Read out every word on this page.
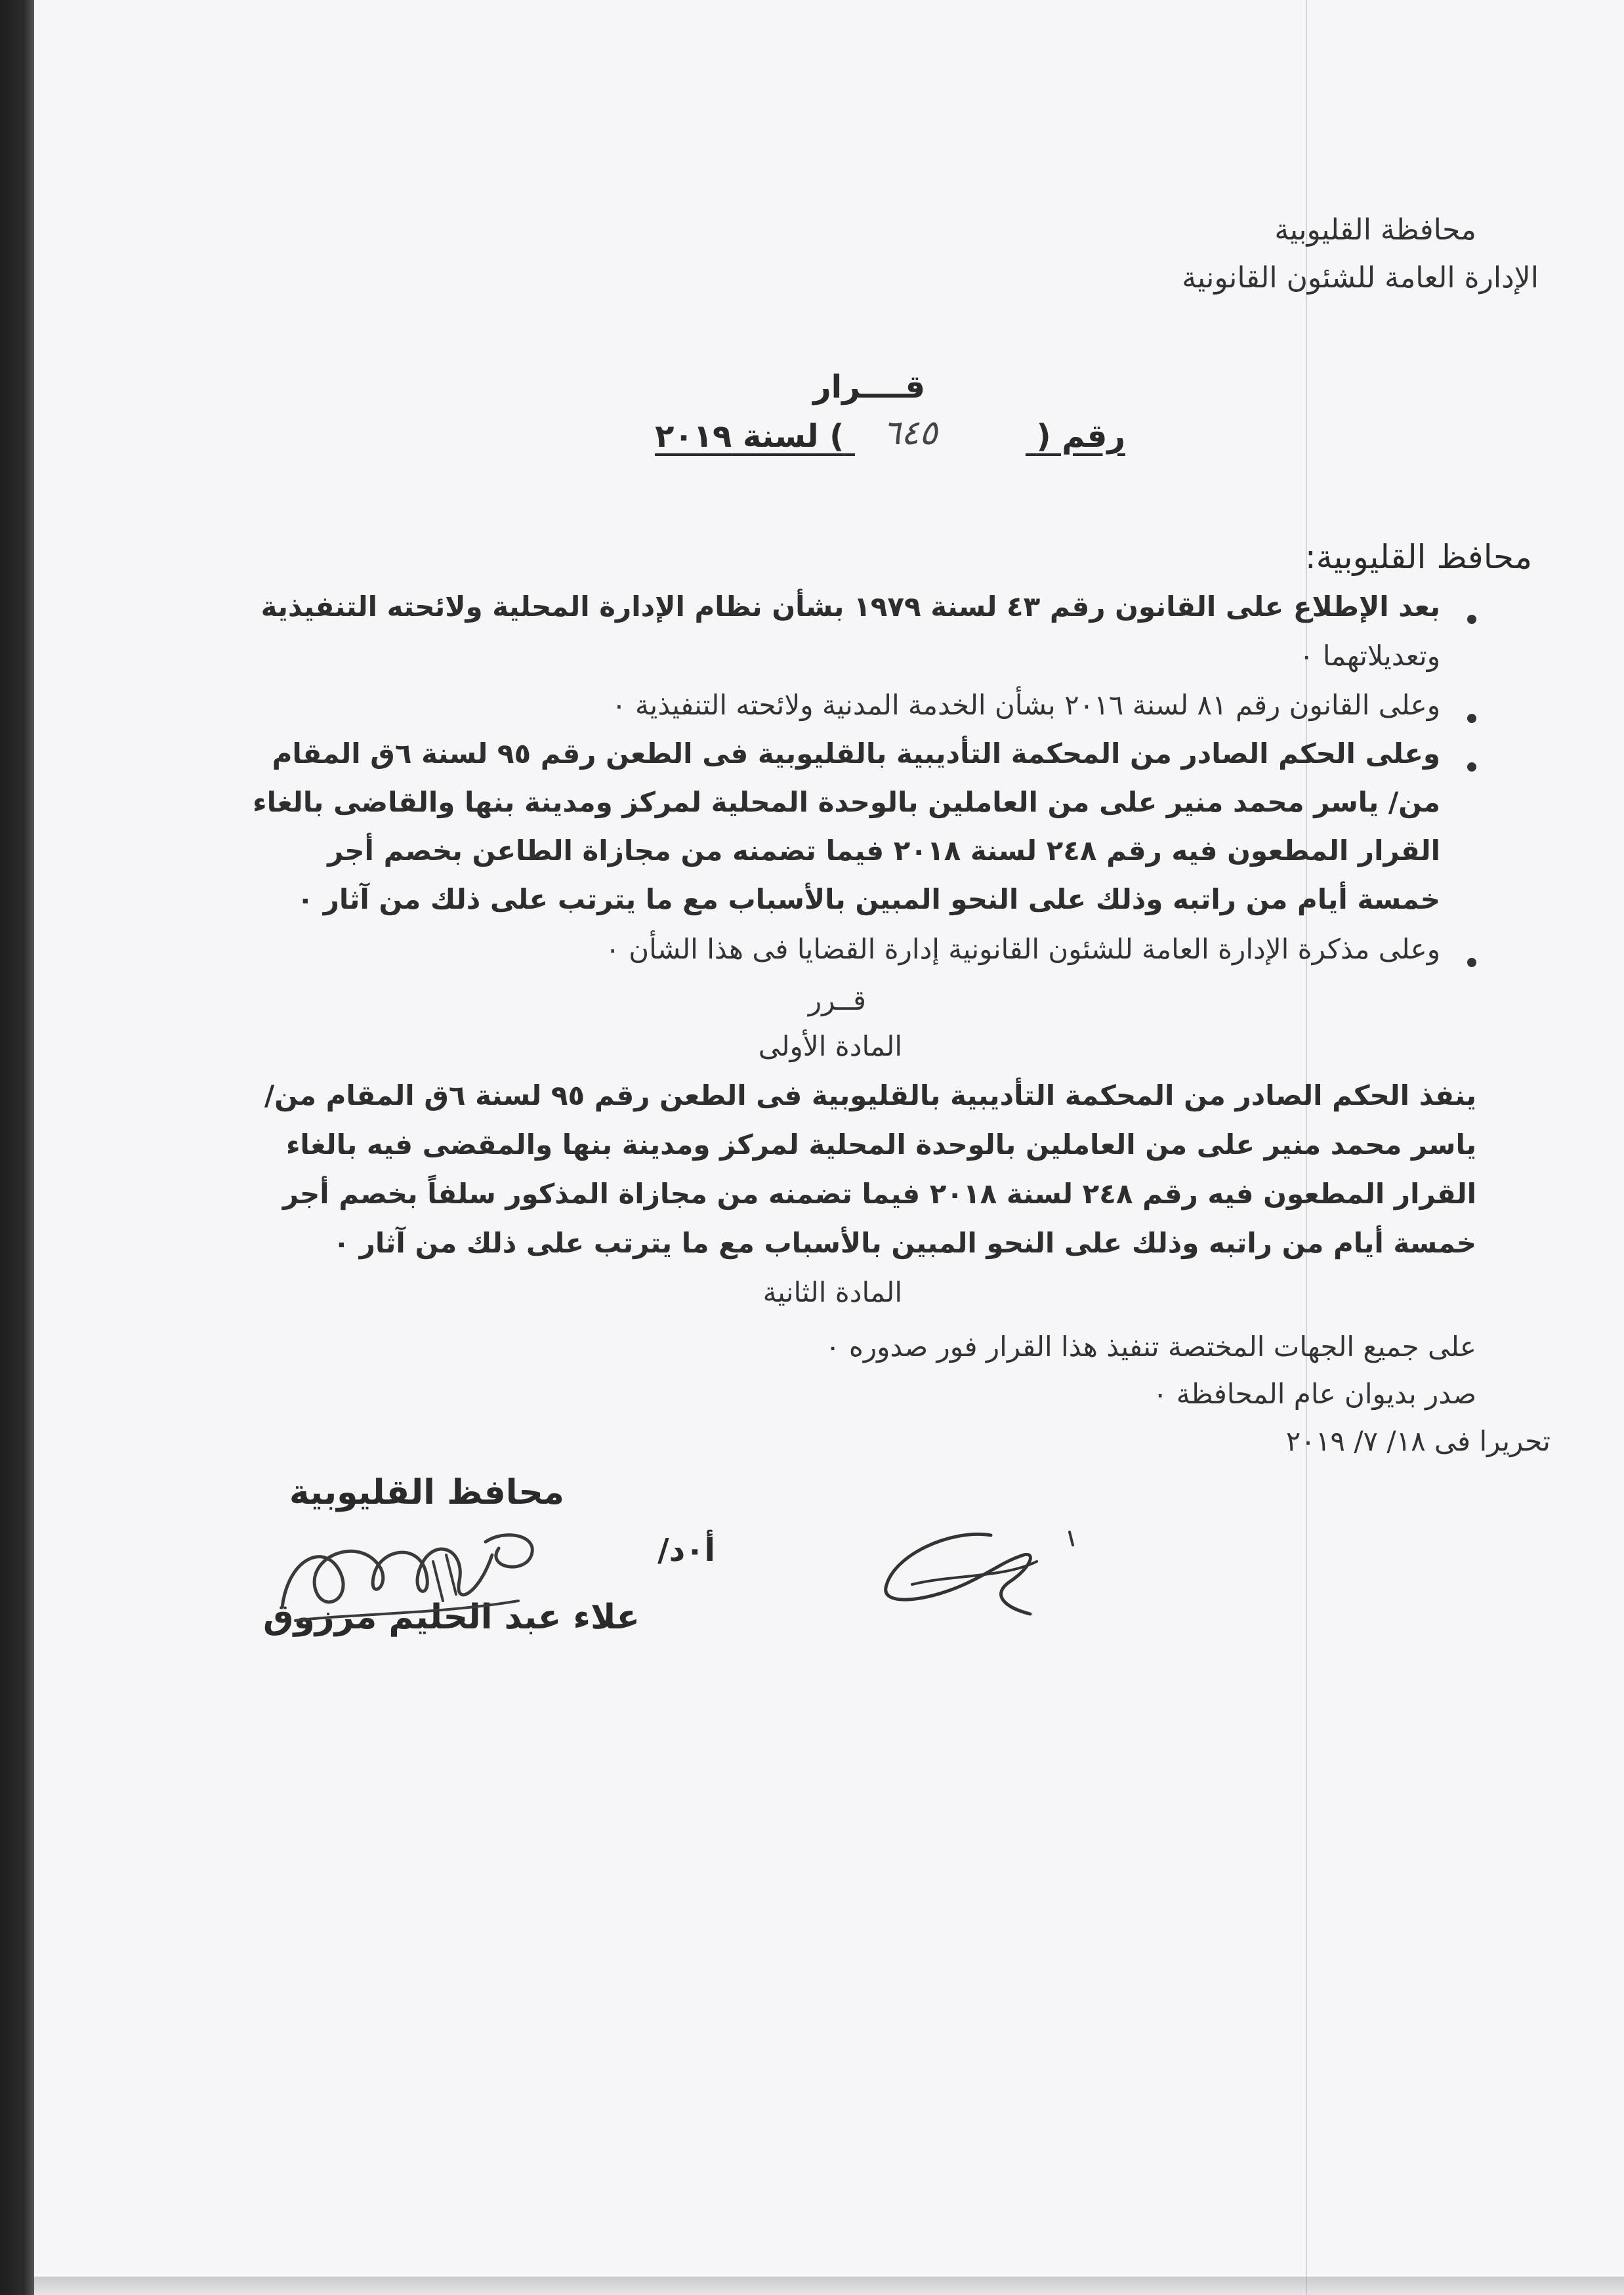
محافظة القليوبية

الإدارة العامة للشئون القانونية

قــــرار

رقم (  ) لسنة ٢٠١٩	٦٤٥

محافظ القليوبية:

بعد الإطلاع على القانون رقم ٤٣ لسنة ١٩٧٩ بشأن نظام الإدارة المحلية ولائحته التنفيذية

وتعديلاتهما ٠

وعلى القانون رقم ٨١ لسنة ٢٠١٦ بشأن الخدمة المدنية ولائحته التنفيذية ٠

وعلى الحكم الصادر من المحكمة التأديبية بالقليوبية فى الطعن رقم ٩٥ لسنة ٦ق المقام

من/ ياسر محمد منير على من العاملين بالوحدة المحلية لمركز ومدينة بنها والقاضى بالغاء

القرار المطعون فيه رقم ٢٤٨ لسنة ٢٠١٨ فيما تضمنه من مجازاة الطاعن بخصم أجر

خمسة أيام من راتبه وذلك على النحو المبين بالأسباب مع ما يترتب على ذلك من آثار ٠

وعلى مذكرة الإدارة العامة للشئون القانونية إدارة القضايا فى هذا الشأن ٠

قــرر

المادة الأولى

ينفذ الحكم الصادر من المحكمة التأديبية بالقليوبية فى الطعن رقم ٩٥ لسنة ٦ق المقام من/

ياسر محمد منير على من العاملين بالوحدة المحلية لمركز ومدينة بنها والمقضى فيه بالغاء

القرار المطعون فيه رقم ٢٤٨ لسنة ٢٠١٨ فيما تضمنه من مجازاة المذكور سلفاً بخصم أجر

خمسة أيام من راتبه وذلك على النحو المبين بالأسباب مع ما يترتب على ذلك من آثار ٠

المادة الثانية

على جميع الجهات المختصة تنفيذ هذا القرار فور صدوره ٠

صدر بديوان عام المحافظة ٠

تحريرا فى ١٨/ ٧/ ٢٠١٩

محافظ القليوبية

أ٠د/

علاء عبد الحليم مرزوق
